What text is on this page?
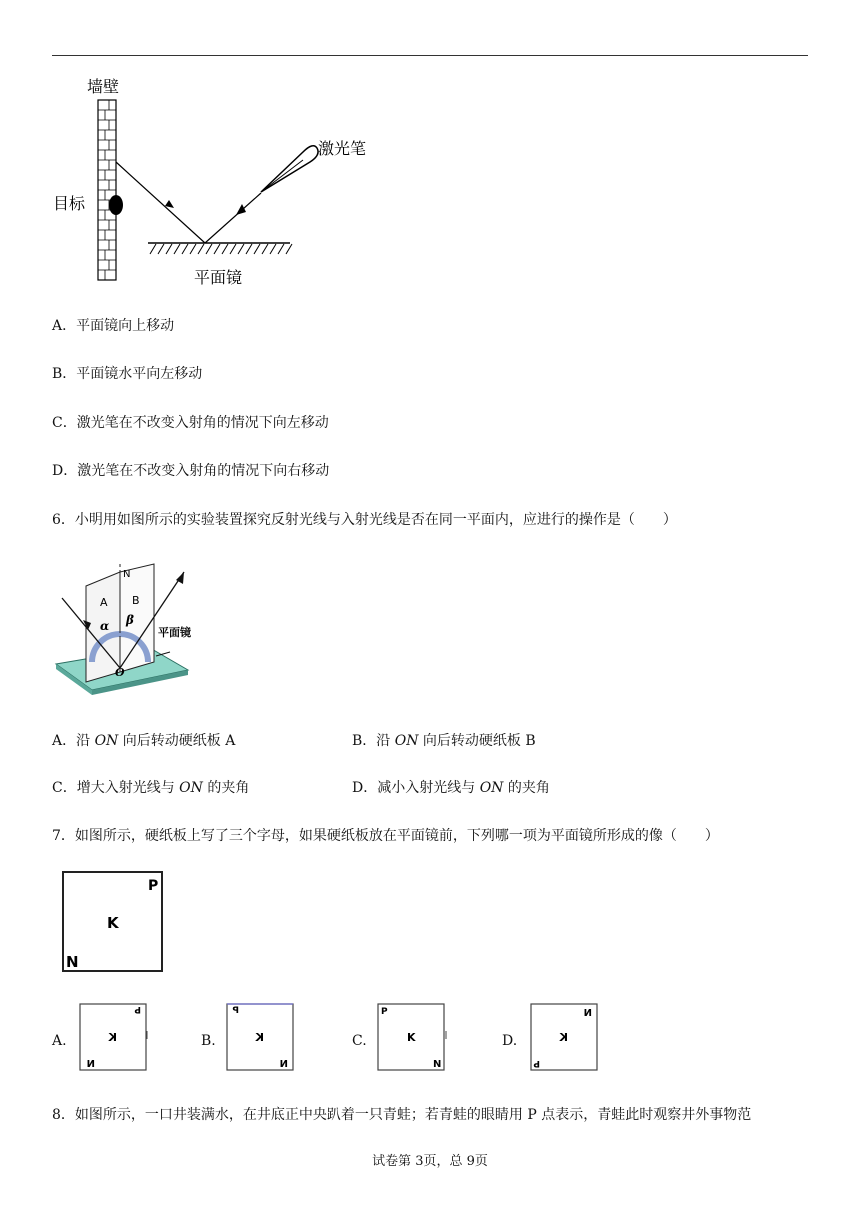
墙壁
激光笔
目标
平面镜
A．平面镜向上移动
B．平面镜水平向左移动
C．激光笔在不改变入射角的情况下向左移动
D．激光笔在不改变入射角的情况下向右移动
6．小明用如图所示的实验装置探究反射光线与入射光线是否在同一平面内，应进行的操作是（　　）
N
A B
α β
O
平面镜
A．沿 ON 向后转动硬纸板 A	B．沿 ON 向后转动硬纸板 B
C．增大入射光线与 ON 的夹角	D．减小入射光线与 ON 的夹角
7．如图所示，硬纸板上写了三个字母，如果硬纸板放在平面镜前，下列哪一项为平面镜所形成的像（　　）
P
K
N
A.
P
K
N
B.
P
K
N
C.
P
K
N
D.
N
K
P
8．如图所示，一口井装满水，在井底正中央趴着一只青蛙；若青蛙的眼睛用 P 点表示，青蛙此时观察井外事物范
试卷第 3页，总 9页
